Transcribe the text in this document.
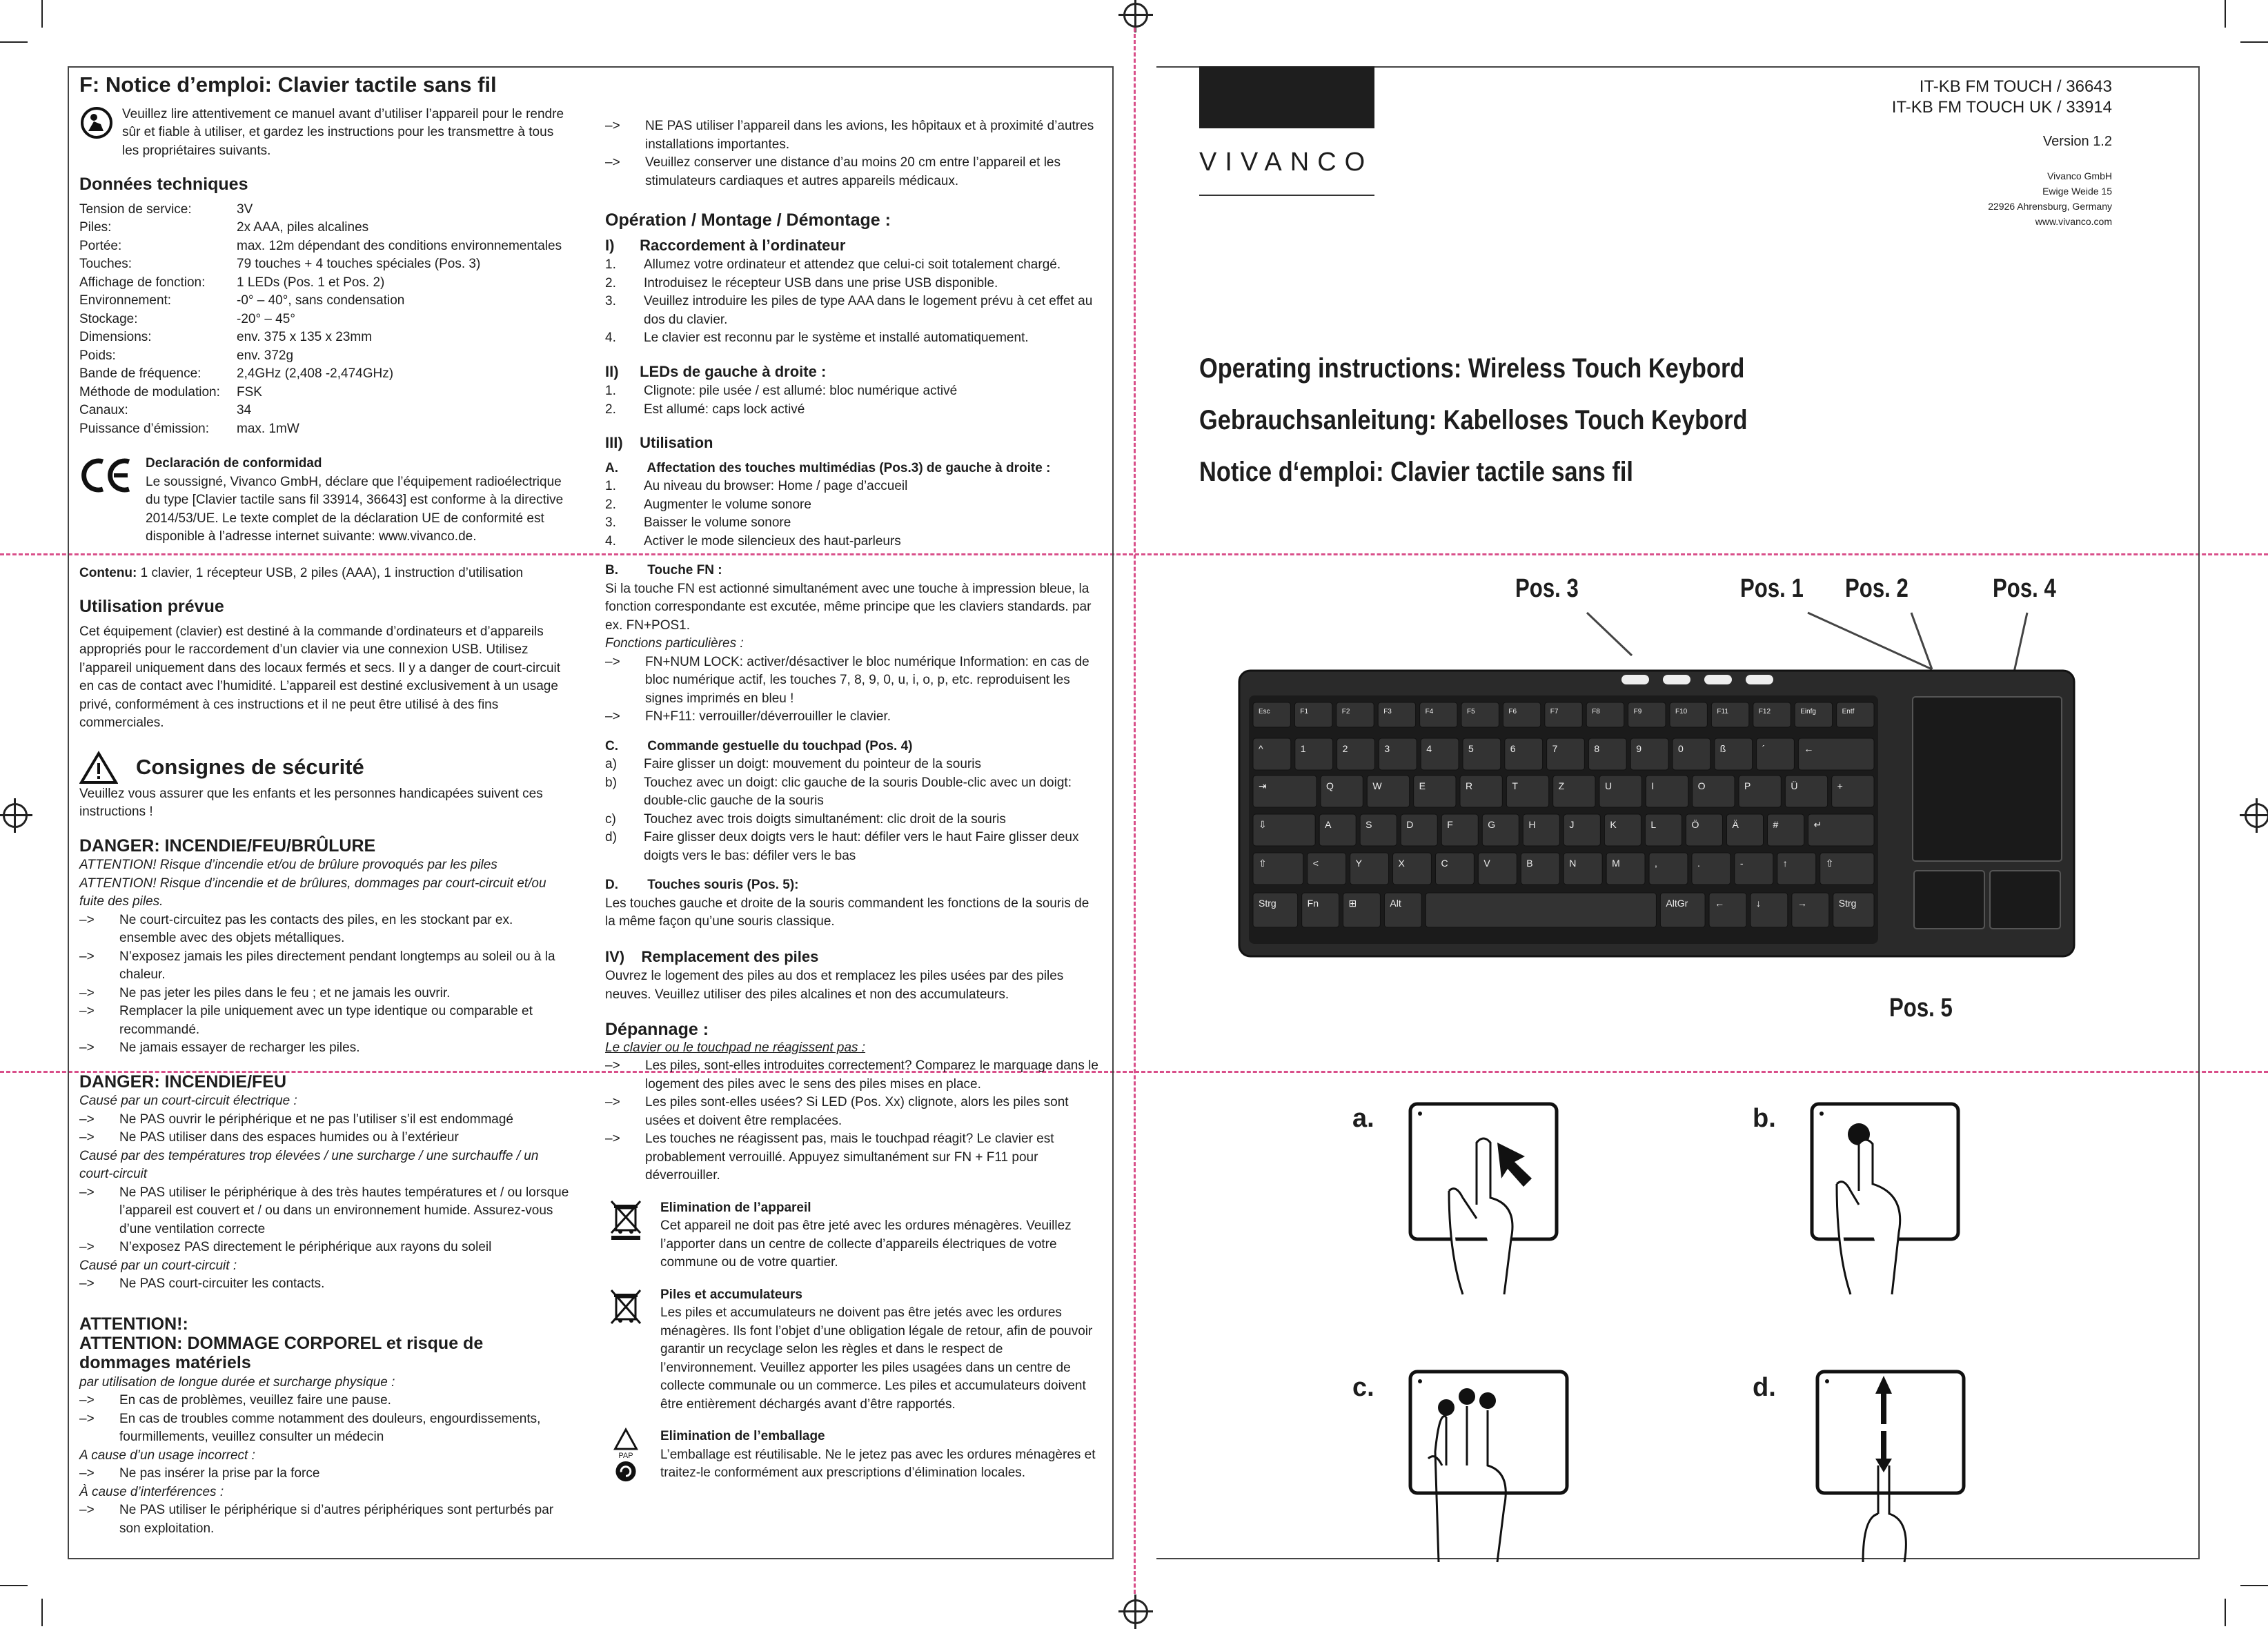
F: Notice d’emploi: Clavier tactile sans fil

Veuillez lire attentivement ce manuel avant d’utiliser l’appareil pour le rendre sûr et fiable à utiliser, et gardez les instructions pour les transmettre à tous les propriétaires suivants.

Données techniques
Tension de service:	3V
Piles:	2x AAA, piles alcalines
Portée:	max. 12m dépendant des conditions environnementales
Touches:	79 touches + 4 touches spéciales (Pos. 3)
Affichage de fonction:	1 LEDs (Pos. 1 et Pos. 2)
Environnement:	-0° – 40°, sans condensation
Stockage:	-20° – 45°
Dimensions:	env. 375 x 135 x 23mm
Poids:	env. 372g
Bande de fréquence:	2,4GHz (2,408 -2,474GHz)
Méthode de modulation:	FSK
Canaux:	34
Puissance d’émission:	max. 1mW
Declaración de conformidad

Le soussigné, Vivanco GmbH, déclare que l’équipement radioélectrique du type [Clavier tactile sans fil 33914, 36643] est conforme à la directive 2014/53/UE. Le texte complet de la déclaration UE de conformité est disponible à l’adresse internet suivante: www.vivanco.de.

Contenu: 1 clavier, 1 récepteur USB, 2 piles (AAA), 1 instruction d’utilisation

Utilisation prévue

Cet équipement (clavier) est destiné à la commande d’ordinateurs et d’appareils appropriés pour le raccordement d’un clavier via une connexion USB. Utilisez l’appareil uniquement dans des locaux fermés et secs. Il y a danger de court-circuit en cas de contact avec l’humidité. L’appareil est destiné exclusivement à un usage privé, conformément à ces instructions et il ne peut être utilisé à des fins commerciales.

Consignes de sécurité

Veuillez vous assurer que les enfants et les personnes handicapées suivent ces instructions !

DANGER: INCENDIE/FEU/BRÛLURE

ATTENTION! Risque d’incendie et/ou de brûlure provoqués par les piles

ATTENTION! Risque d’incendie et de brûlures, dommages par court-circuit et/ou fuite des piles.

–>	Ne court-circuitez pas les contacts des piles, en les stockant par ex. ensemble avec des objets métalliques.
–>	N’exposez jamais les piles directement pendant longtemps au soleil ou à la chaleur.
–>	Ne pas jeter les piles dans le feu ; et ne jamais les ouvrir.
–>	Remplacer la pile uniquement avec un type identique ou comparable et recommandé.
–>	Ne jamais essayer de recharger les piles.
DANGER: INCENDIE/FEU

Causé par un court-circuit électrique :

–>	Ne PAS ouvrir le périphérique et ne pas l’utiliser s’il est endommagé
–>	Ne PAS utiliser dans des espaces humides ou à l’extérieur

Causé par des températures trop élevées / une surcharge / une surchauffe / un court-circuit

–>	Ne PAS utiliser le périphérique à des très hautes températures et / ou lorsque l’appareil est couvert et / ou dans un environnement humide. Assurez-vous d’une ventilation correcte
–>	N’exposez PAS directement le périphérique aux rayons du soleil

Causé par un court-circuit :

–>	Ne PAS court-circuiter les contacts.
ATTENTION!:
ATTENTION: DOMMAGE CORPOREL et risque de dommages matériels

par utilisation de longue durée et surcharge physique :

–>	En cas de problèmes, veuillez faire une pause.
–>	En cas de troubles comme notamment des douleurs, engourdissements, fourmillements, veuillez consulter un médecin

A cause d’un usage incorrect :

–>	Ne pas insérer la prise par la force

À cause d’interférences :

–>	Ne PAS utiliser le périphérique si d’autres périphériques sont perturbés par son exploitation.
–>	NE PAS utiliser l’appareil dans les avions, les hôpitaux et à proximité d’autres installations importantes.
–>	Veuillez conserver une distance d’au moins 20 cm entre l’appareil et les stimulateurs cardiaques et autres appareils médicaux.
Opération / Montage / Démontage :
I)      Raccordement à l’ordinateur
1.	Allumez votre ordinateur et attendez que celui-ci soit totalement chargé.
2.	Introduisez le récepteur USB dans une prise USB disponible.
3.	Veuillez introduire les piles de type AAA dans le logement prévu à cet effet au dos du clavier.
4.	Le clavier est reconnu par le système et installé automatiquement.
II)     LEDs de gauche à droite :
1.	Clignote: pile usée / est allumé: bloc numérique activé
2.	Est allumé: caps lock activé
III)    Utilisation
A.        Affectation des touches multimédias (Pos.3) de gauche à droite :
1.	Au niveau du browser: Home / page d’accueil
2.	Augmenter le volume sonore
3.	Baisser le volume sonore
4.	Activer le mode silencieux des haut-parleurs
B.        Touche FN :

Si la touche FN est actionné simultanément avec une touche à impression bleue, la fonction correspondante est excutée, même principe que les claviers standards. par ex. FN+POS1.

Fonctions particulières :

–>	FN+NUM LOCK: activer/désactiver le bloc numérique Information: en cas de bloc numérique actif, les touches 7, 8, 9, 0, u, i, o, p, etc. reproduisent les signes imprimés en bleu !
–>	FN+F11: verrouiller/déverrouiller le clavier.
C.        Commande gestuelle du touchpad (Pos. 4)
a)	Faire glisser un doigt: mouvement du pointeur de la souris
b)	Touchez avec un doigt: clic gauche de la souris Double-clic avec un doigt: double-clic gauche de la souris
c)	Touchez avec trois doigts simultanément: clic droit de la souris
d)	Faire glisser deux doigts vers le haut: défiler vers le haut Faire glisser deux doigts vers le bas: défiler vers le bas
D.        Touches souris (Pos. 5):

Les touches gauche et droite de la souris commandent les fonctions de la souris de la même façon qu’une souris classique.

IV)    Remplacement des piles

Ouvrez le logement des piles au dos et remplacez les piles usées par des piles neuves. Veuillez utiliser des piles alcalines et non des accumulateurs.

Dépannage :

Le clavier ou le touchpad ne réagissent pas :

–>	Les piles, sont-elles introduites correctement? Comparez le marquage dans le logement des piles avec le sens des piles mises en place.
–>	Les piles sont-elles usées? Si LED (Pos. Xx) clignote, alors les piles sont usées et doivent être remplacées.
–>	Les touches ne réagissent pas, mais le touchpad réagit? Le clavier est probablement verrouillé. Appuyez simultanément sur FN + F11 pour déverrouiller.
Elimination de l’appareil

Cet appareil ne doit pas être jeté avec les ordures ménagères. Veuillez l’apporter dans un centre de collecte d’appareils électriques de votre commune ou de votre quartier.

Piles et accumulateurs

Les piles et accumulateurs ne doivent pas être jetés avec les ordures ménagères. Ils font l’objet d’une obligation légale de retour, afin de pouvoir garantir un recyclage selon les règles et dans le respect de l’environnement. Veuillez apporter les piles usagées dans un centre de collecte communale ou un commerce. Les piles et accumulateurs doivent être entièrement déchargés avant d’être rapportés.

PAP
Elimination de l’emballage

L’emballage est réutilisable. Ne le jetez pas avec les ordures ménagères et traitez-le conformément aux prescriptions d’élimination locales.

VIVANCO
IT-KB FM TOUCH / 36643
IT-KB FM TOUCH UK / 33914
Version 1.2
Vivanco GmbH
Ewige Weide 15
22926 Ahrensburg, Germany
www.vivanco.com
Operating instructions: Wireless Touch Keybord
Gebrauchsanleitung: Kabelloses Touch Keybord
Notice d‘emploi: Clavier tactile sans fil
Pos. 3	Pos. 1 Pos. 2	Pos. 4
Pos. 5
Esc	F1	F2	F3	F4	F5	F6	F7	F8	F9	F10	F11	F12	Einfg	Entf
^	1	2	3	4	5	6	7	8	9	0	ß	´	←
⇥	Q	W	E	R	T	Z	U	I	O	P	Ü	+
⇩	A	S	D	F	G	H	J	K	L	Ö	Ä	#	↵
⇧	<	Y	X	C	V	B	N	M	,	.	-	↑	⇧
Strg	Fn	⊞	Alt	AltGr	←	↓	→	Strg
a.	b.
c.	d.
